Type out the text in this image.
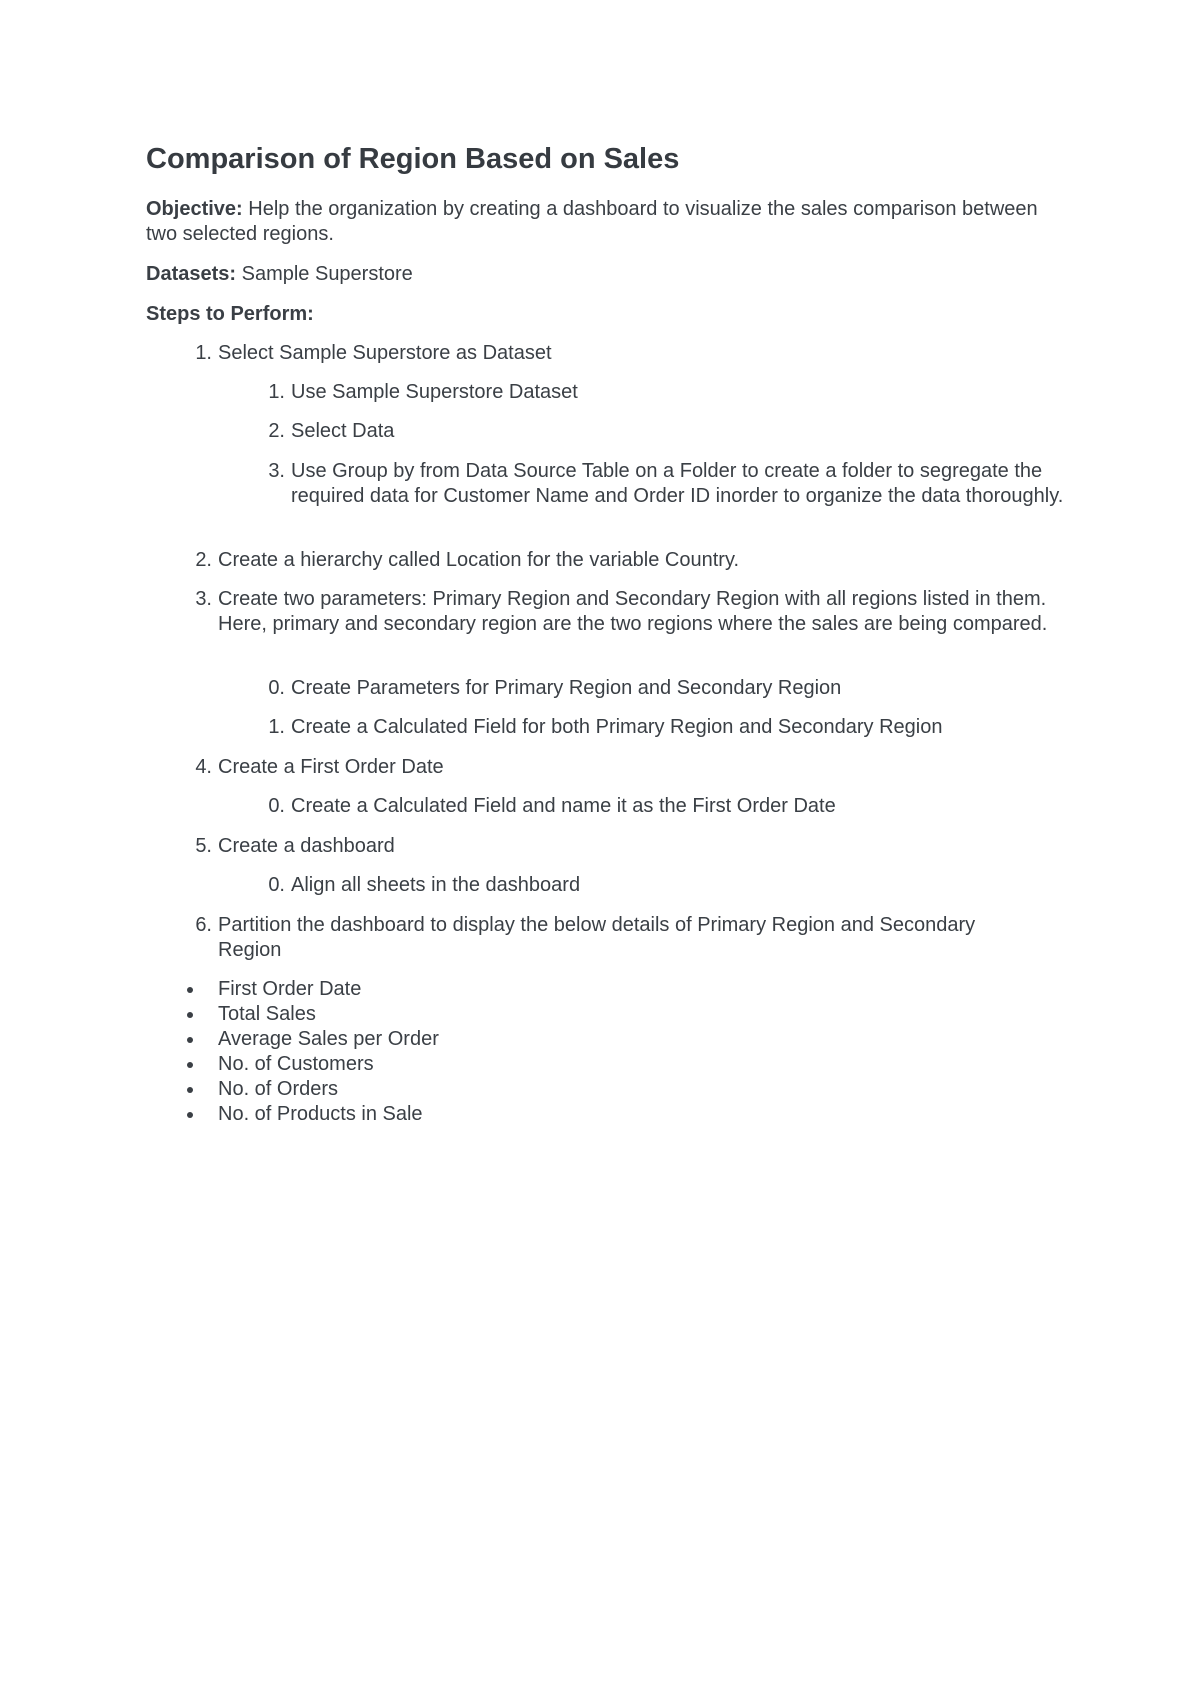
Comparison of Region Based on Sales

Objective: Help the organization by creating a dashboard to visualize the sales comparison between two selected regions.

Datasets: Sample Superstore

Steps to Perform:

1. Select Sample Superstore as Dataset
1. Use Sample Superstore Dataset
2. Select Data
3. Use Group by from Data Source Table on a Folder to create a folder to segregate the required data for Customer Name and Order ID inorder to organize the data thoroughly.
2. Create a hierarchy called Location for the variable Country.
3. Create two parameters: Primary Region and Secondary Region with all regions listed in them. Here, primary and secondary region are the two regions where the sales are being compared.
0. Create Parameters for Primary Region and Secondary Region
1. Create a Calculated Field for both Primary Region and Secondary Region
4. Create a First Order Date
0. Create a Calculated Field and name it as the First Order Date
5. Create a dashboard
0. Align all sheets in the dashboard
6. Partition the dashboard to display the below details of Primary Region and Secondary Region
First Order Date
Total Sales
Average Sales per Order
No. of Customers
No. of Orders
No. of Products in Sale
